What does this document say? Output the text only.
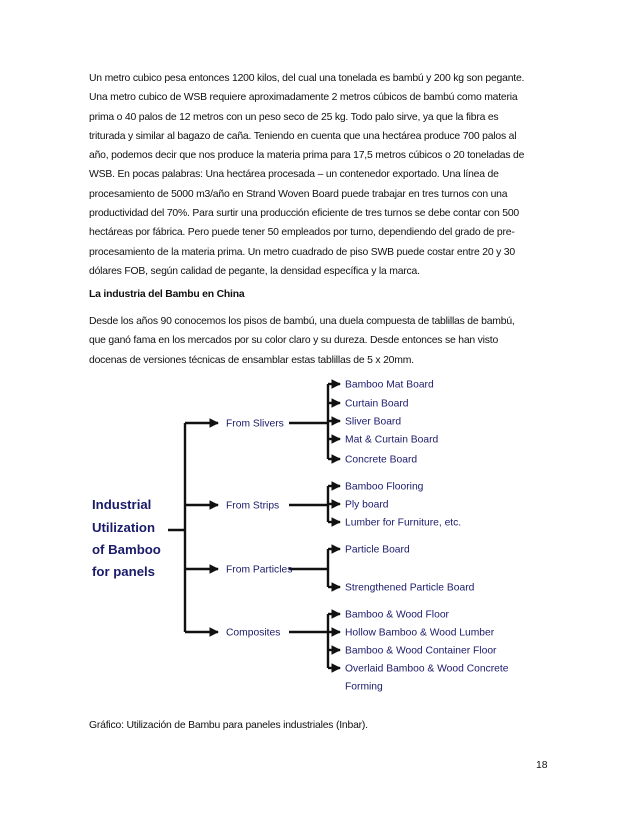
Un metro cubico pesa entonces 1200 kilos, del cual una tonelada es bambú y 200 kg son pegante.
Una metro cubico de WSB requiere aproximadamente 2 metros cúbicos de bambú como materia
prima o 40 palos de 12 metros con un peso seco de 25 kg. Todo palo sirve, ya que la fibra es
triturada y similar al bagazo de caña. Teniendo en cuenta que una hectárea produce 700 palos al
año, podemos decir que nos produce la materia prima para 17,5 metros cúbicos o 20 toneladas de
WSB. En pocas palabras: Una hectárea procesada – un contenedor exportado. Una línea de
procesamiento de 5000 m3/año en Strand Woven Board puede trabajar en tres turnos con una
productividad del 70%. Para surtir una producción eficiente de tres turnos se debe contar con 500
hectáreas por fábrica. Pero puede tener 50 empleados por turno, dependiendo del grado de pre-
procesamiento de la materia prima. Un metro cuadrado de piso SWB puede costar entre 20 y 30
dólares FOB, según calidad de pegante, la densidad específica y la marca.

La industria del Bambu en China

Desde los años 90 conocemos los pisos de bambú, una duela compuesta de tablillas de bambú,
que ganó fama en los mercados por su color claro y su dureza. Desde entonces se han visto
docenas de versiones técnicas de ensamblar estas tablillas de 5 x 20mm.
Industrial
Utilization
of Bamboo
for panels
From Slivers
Bamboo Mat Board
Curtain Board
Sliver Board
Mat & Curtain Board
Concrete Board
From Strips
Bamboo Flooring
Ply board
Lumber for Furniture, etc.
From Particles
Particle Board
Strengthened Particle Board
Composites
Bamboo & Wood Floor
Hollow Bamboo & Wood Lumber
Bamboo & Wood Container Floor
Overlaid Bamboo & Wood Concrete
Forming

Gráfico: Utilización de Bambu para paneles industriales (Inbar).

18
